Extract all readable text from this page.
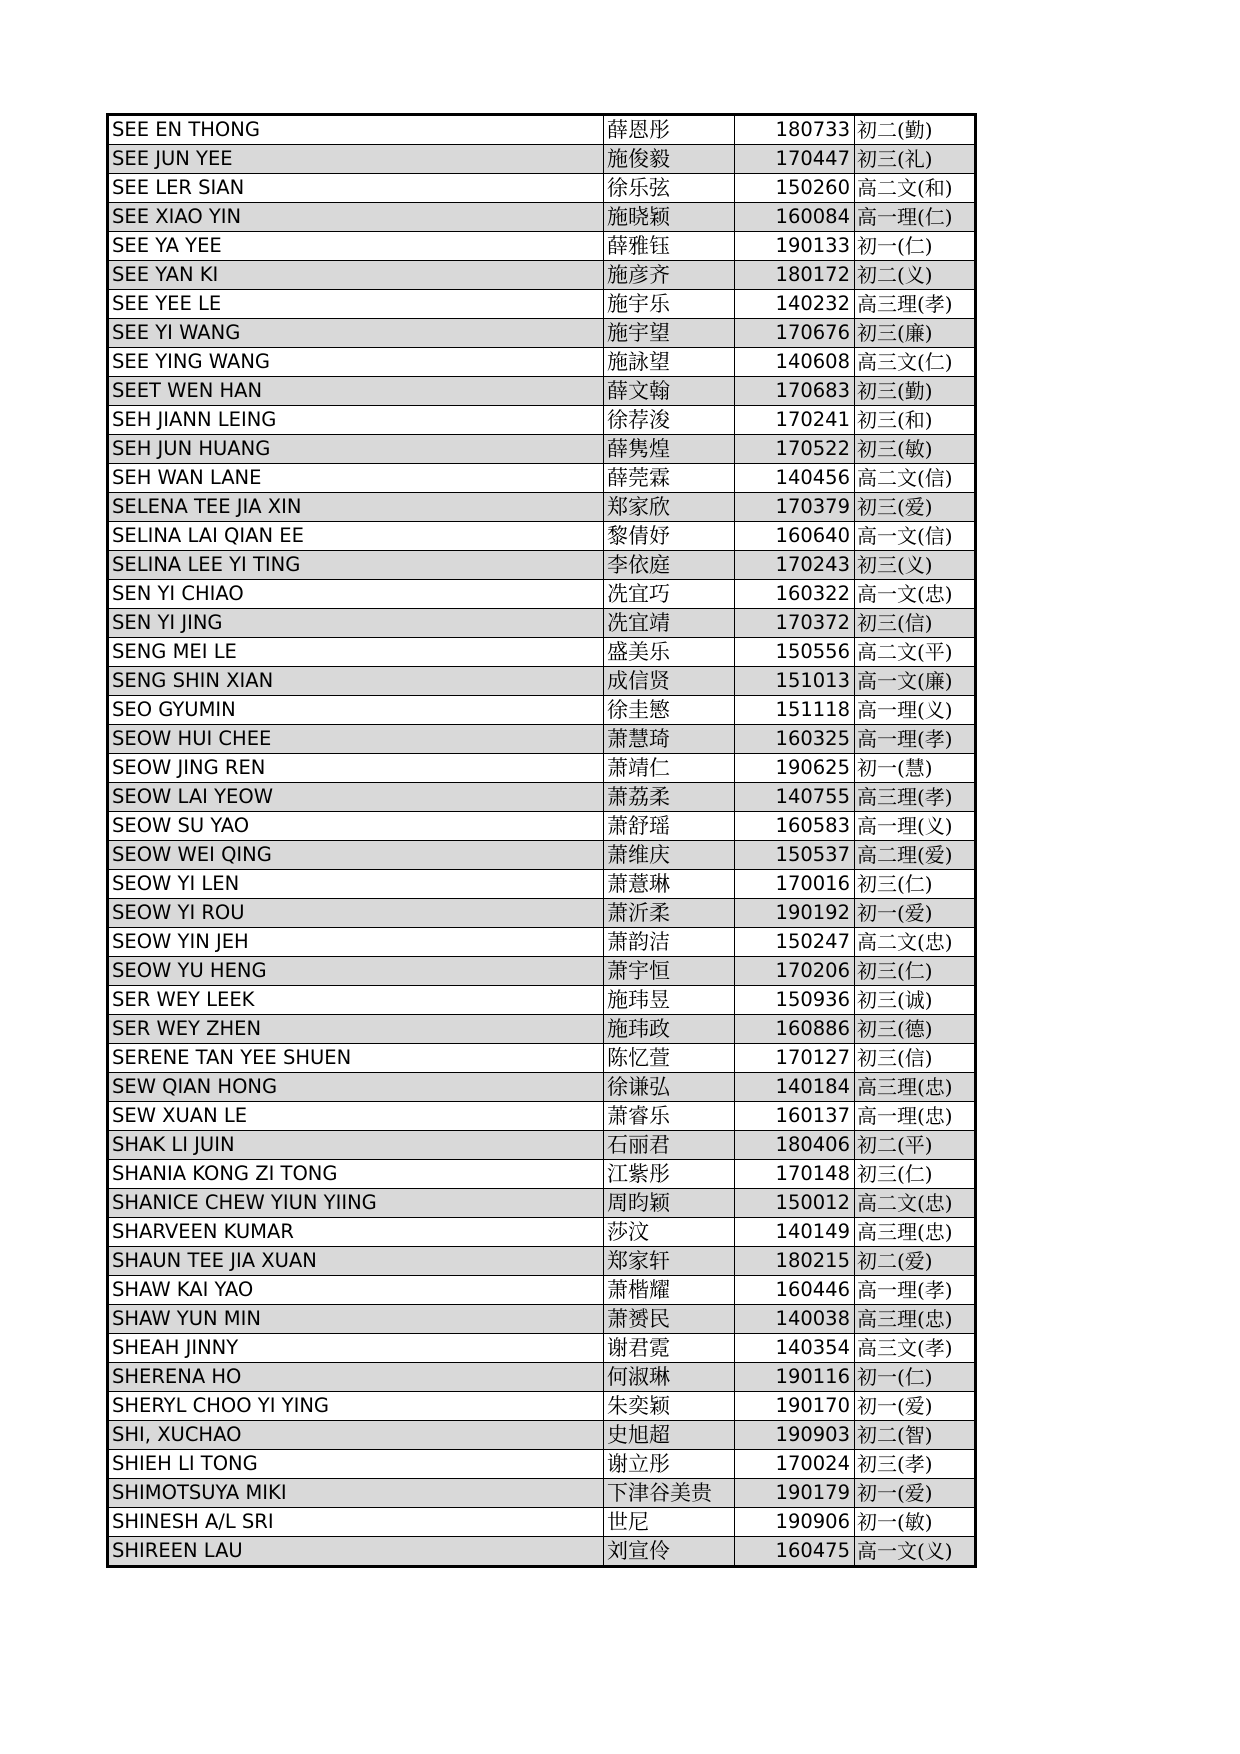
SEE EN THONG	薛恩彤	180733	初二(勤)
SEE JUN YEE	施俊毅	170447	初三(礼)
SEE LER SIAN	徐乐弦	150260	高二文(和)
SEE XIAO YIN	施晓颖	160084	高一理(仁)
SEE YA YEE	薛雅钰	190133	初一(仁)
SEE YAN KI	施彦齐	180172	初二(义)
SEE YEE LE	施宇乐	140232	高三理(孝)
SEE YI WANG	施宇望	170676	初三(廉)
SEE YING WANG	施詠望	140608	高三文(仁)
SEET WEN HAN	薛文翰	170683	初三(勤)
SEH JIANN LEING	徐荐浚	170241	初三(和)
SEH JUN HUANG	薛隽煌	170522	初三(敏)
SEH WAN LANE	薛莞霖	140456	高二文(信)
SELENA TEE JIA XIN	郑家欣	170379	初三(爱)
SELINA LAI QIAN EE	黎倩妤	160640	高一文(信)
SELINA LEE YI TING	李依庭	170243	初三(义)
SEN YI CHIAO	冼宜巧	160322	高一文(忠)
SEN YI JING	冼宜靖	170372	初三(信)
SENG MEI LE	盛美乐	150556	高二文(平)
SENG SHIN XIAN	成信贤	151013	高一文(廉)
SEO GYUMIN	徐圭慜	151118	高一理(义)
SEOW HUI CHEE	萧慧琦	160325	高一理(孝)
SEOW JING REN	萧靖仁	190625	初一(慧)
SEOW LAI YEOW	萧荔柔	140755	高三理(孝)
SEOW SU YAO	萧舒瑶	160583	高一理(义)
SEOW WEI QING	萧维庆	150537	高二理(爱)
SEOW YI LEN	萧薏琳	170016	初三(仁)
SEOW YI ROU	萧沂柔	190192	初一(爱)
SEOW YIN JEH	萧韵洁	150247	高二文(忠)
SEOW YU HENG	萧宇恒	170206	初三(仁)
SER WEY LEEK	施玮昱	150936	初三(诚)
SER WEY ZHEN	施玮政	160886	初三(德)
SERENE TAN YEE SHUEN	陈忆萱	170127	初三(信)
SEW QIAN HONG	徐谦弘	140184	高三理(忠)
SEW XUAN LE	萧睿乐	160137	高一理(忠)
SHAK LI JUIN	石丽君	180406	初二(平)
SHANIA KONG ZI TONG	江紫彤	170148	初三(仁)
SHANICE CHEW YIUN YIING	周昀颖	150012	高二文(忠)
SHARVEEN KUMAR	莎汶	140149	高三理(忠)
SHAUN TEE JIA XUAN	郑家轩	180215	初二(爱)
SHAW KAI YAO	萧楷耀	160446	高一理(孝)
SHAW YUN MIN	萧赟民	140038	高三理(忠)
SHEAH JINNY	谢君霓	140354	高三文(孝)
SHERENA HO	何淑琳	190116	初一(仁)
SHERYL CHOO YI YING	朱奕颖	190170	初一(爱)
SHI, XUCHAO	史旭超	190903	初二(智)
SHIEH LI TONG	谢立彤	170024	初三(孝)
SHIMOTSUYA MIKI	下津谷美贵	190179	初一(爱)
SHINESH A/L SRI	世尼	190906	初一(敏)
SHIREEN LAU	刘宣伶	160475	高一文(义)
